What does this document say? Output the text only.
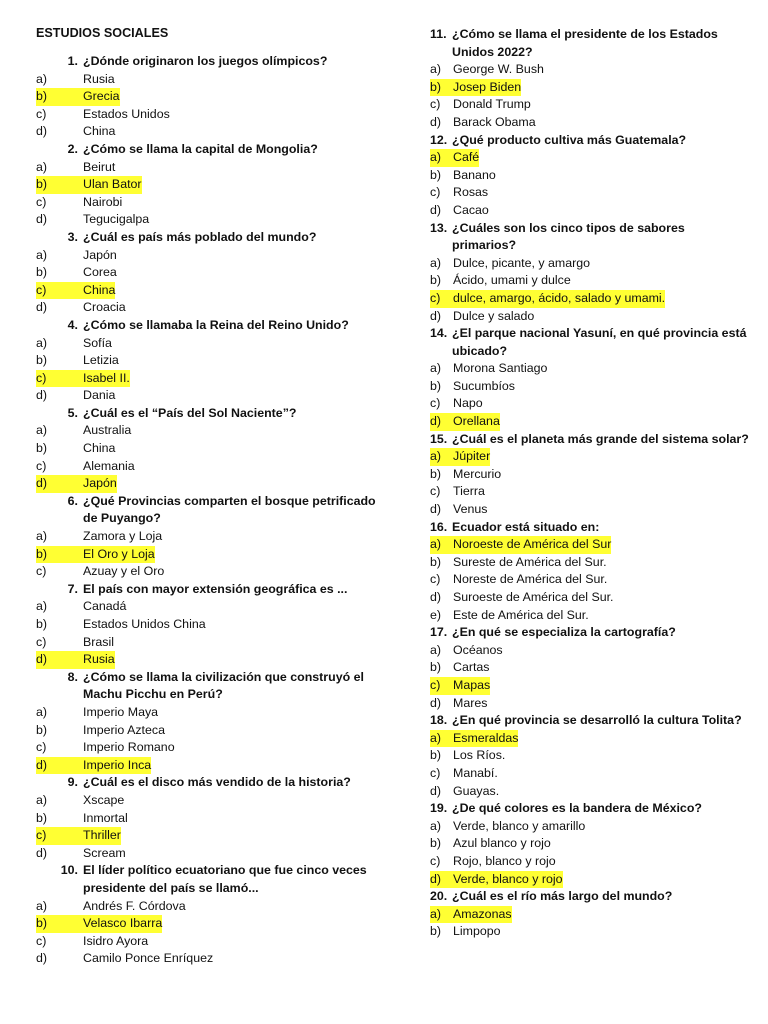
ESTUDIOS SOCIALES
1. ¿Dónde originaron los juegos olímpicos?
a)	Rusia
b)	Grecia
c)	Estados Unidos
d)	China
2. ¿Cómo se llama la capital de Mongolia?
a)	Beirut
b)	Ulan Bator
c)	Nairobi
d)	Tegucigalpa
3. ¿Cuál es país más poblado del mundo?
a)	Japón
b)	Corea
c)	China
d)	Croacia
4. ¿Cómo se llamaba la Reina del Reino Unido?
a)	Sofía
b)	Letizia
c)	Isabel II.
d)	Dania
5. ¿Cuál es el “País del Sol Naciente”?
a)	Australia
b)	China
c)	Alemania
d)	Japón
6. ¿Qué Provincias comparten el bosque petrificado de Puyango?
a)	Zamora y Loja
b)	El Oro y Loja
c)	Azuay y el Oro
7. El país con mayor extensión geográfica es ...
a)	Canadá
b)	Estados Unidos China
c)	Brasil
d)	Rusia
8. ¿Cómo se llama la civilización que construyó el Machu Picchu en Perú?
a)	Imperio Maya
b)	Imperio Azteca
c)	Imperio Romano
d)	Imperio Inca
9. ¿Cuál es el disco más vendido de la historia?
a)	Xscape
b)	Inmortal
c)	Thriller
d)	Scream
10. El líder político ecuatoriano que fue cinco veces presidente del país se llamó...
a)	Andrés F. Córdova
b)	Velasco Ibarra
c)	Isidro Ayora
d)	Camilo Ponce Enríquez
11. ¿Cómo se llama el presidente de los Estados Unidos 2022?
a) George W. Bush
b) Josep Biden
c)	Donald Trump
d) Barack Obama
12. ¿Qué producto cultiva más Guatemala?
a) Café
b) Banano
c)	Rosas
d) Cacao
13. ¿Cuáles son los cinco tipos de sabores primarios?
a) Dulce, picante, y amargo
b) Ácido, umami y dulce
c)	dulce, amargo, ácido, salado y umami.
d) Dulce y salado
14. ¿El parque nacional Yasuní, en qué provincia está ubicado?
a) Morona Santiago
b) Sucumbíos
c)	Napo
d) Orellana
15. ¿Cuál es el planeta más grande del sistema solar?
a) Júpiter
b) Mercurio
c)	Tierra
d) Venus
16. Ecuador está situado en:
a) Noroeste de América del Sur
b) Sureste de América del Sur.
c)	Noreste de América del Sur.
d) Suroeste de América del Sur.
e) Este de América del Sur.
17. ¿En qué se especializa la cartografía?
a) Océanos
b) Cartas
c)	Mapas
d) Mares
18. ¿En qué provincia se desarrolló la cultura Tolita?
a) Esmeraldas
b) Los Ríos.
c)	Manabí.
d) Guayas.
19. ¿De qué colores es la bandera de México?
a) Verde, blanco y amarillo
b) Azul blanco y rojo
c)	Rojo, blanco y rojo
d) Verde, blanco y rojo
20. ¿Cuál es el río más largo del mundo?
a) Amazonas
b) Limpopo
